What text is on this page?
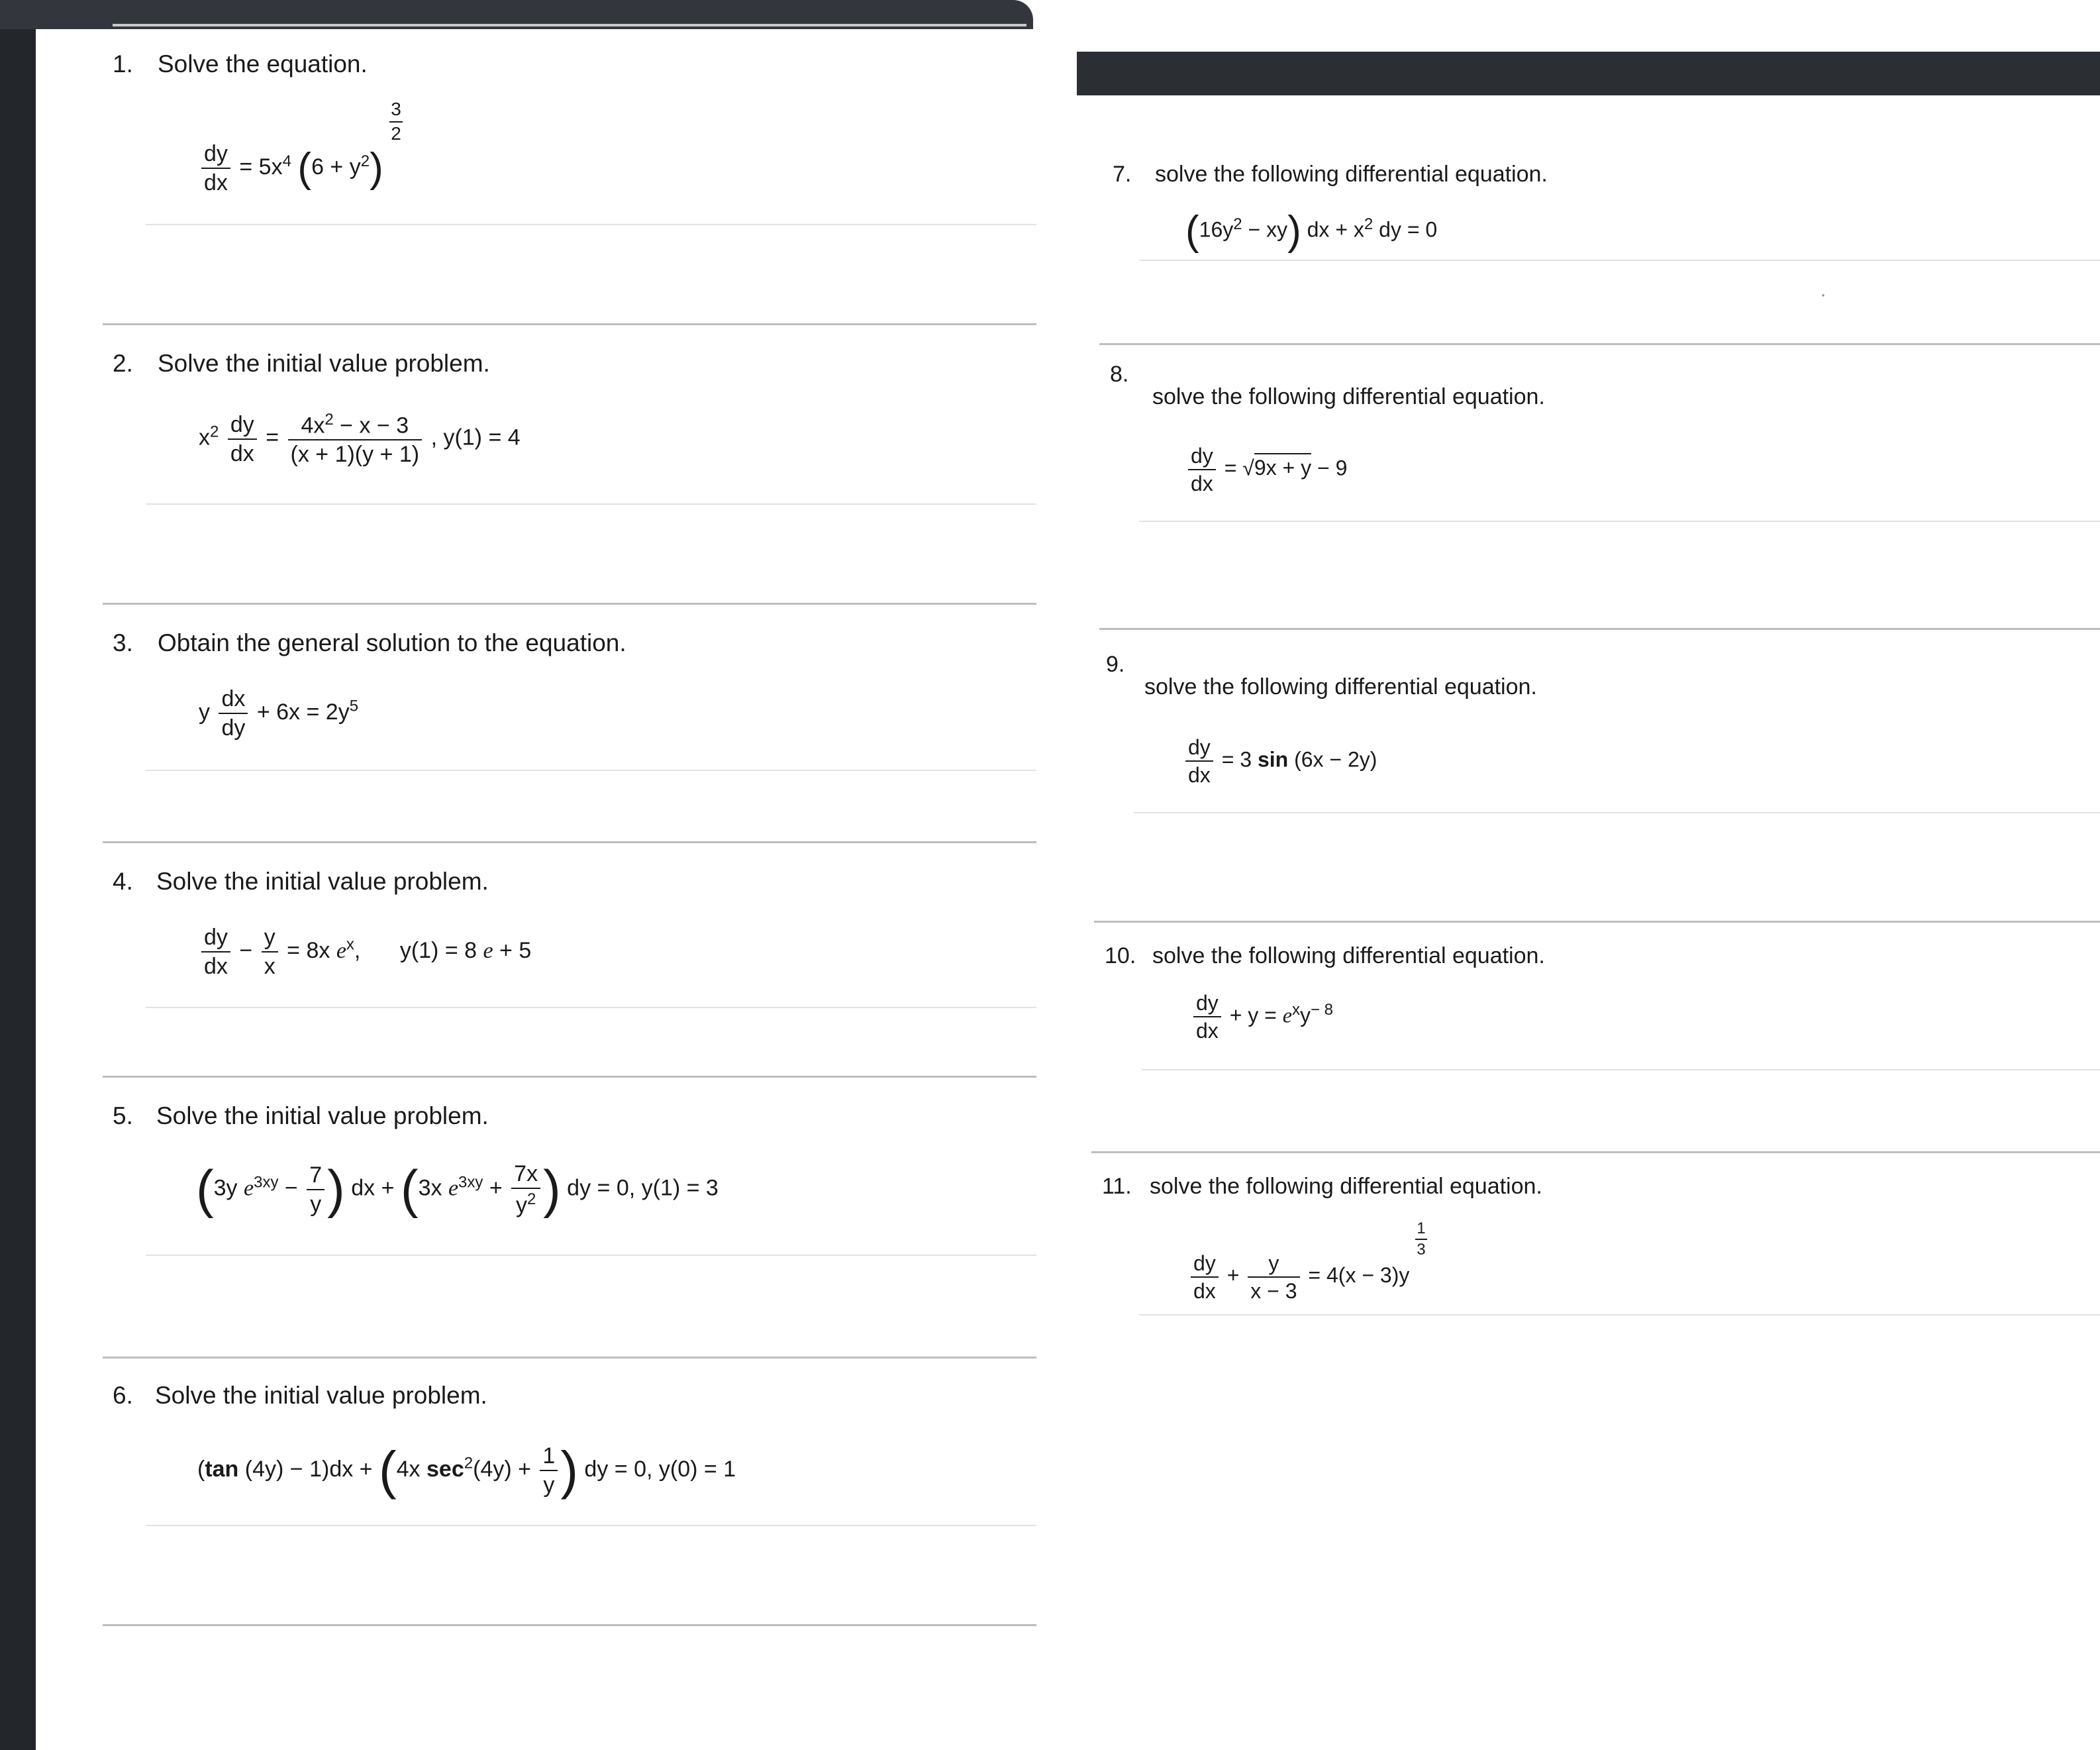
1. Solve the equation.
$\frac{dy}{dx} = 5x^4$ $(6 + y^2)$
$\frac{3}{2}$
2. Solve the initial value problem.
$x^2 \frac{dy}{dx} = \frac{4x^2 - x - 3}{(x + 1)(y + 1)}$ , y(1) = 4
3. Obtain the general solution to the equation.
y $\frac{dx}{dy} + 6x = 2y^5$
4. Solve the initial value problem.
$\frac{dy}{dx} - \frac{y}{x} = 8x$ $e^x$, y(1) = 8 e + 5
5. Solve the initial value problem.
(3y $e^{3xy} - \frac{7}{y}$ ) dx + (3x $e^{3xy} + \frac{7x}{y^2}$ ) dy = 0, y(1) = 3
6. Solve the initial value problem.
(tan (4y) − 1)dx + (4x $\sec^2(4y) + \frac{1}{y}$ ) dy = 0, y(0) = 1
7. solve the following differential equation.
$(16y^2 - xy)$ dx + $x^2$ dy = 0
·
8.
solve the following differential equation.
$\frac{dy}{dx} = √9x + y - 9$
9.
solve the following differential equation.
$\frac{dy}{dx} = 3$ sin (6x − 2y)
10. solve the following differential equation.
$\frac{dy}{dx} + y = e^xy^{- 8}$
11. solve the following differential equation.
$\frac{dy}{dx} + \frac{y}{x - 3} = 4(x - 3)y$
$\frac{1}{3}$
